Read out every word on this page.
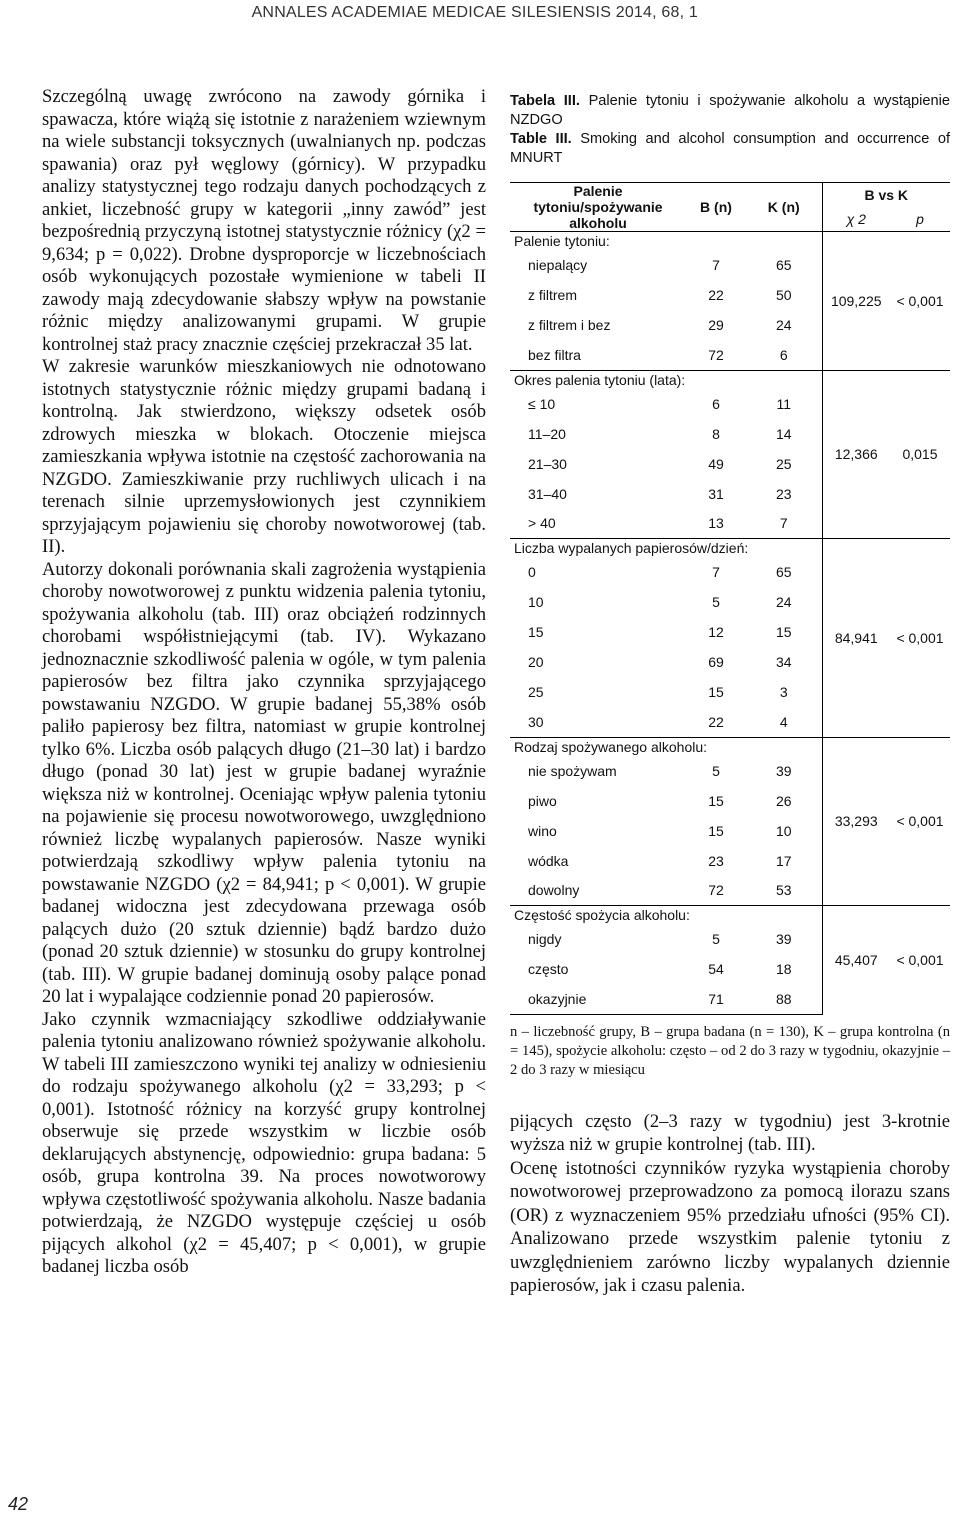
ANNALES ACADEMIAE MEDICAE SILESIENSIS 2014, 68, 1

Szczególną uwagę zwrócono na zawody górnika i spawacza, które wiążą się istotnie z narażeniem wziewnym na wiele substancji toksycznych (uwalnianych np. podczas spawania) oraz pył węglowy (górnicy). W przypadku analizy statystycznej tego rodzaju danych pochodzących z ankiet, liczebność grupy w kategorii „inny zawód” jest bezpośrednią przyczyną istotnej statystycznie różnicy (χ2 = 9,634; p = 0,022). Drobne dysproporcje w liczebnościach osób wykonujących pozostałe wymienione w tabeli II zawody mają zdecydowanie słabszy wpływ na powstanie różnic między analizowanymi grupami. W grupie kontrolnej staż pracy znacznie częściej przekraczał 35 lat.

W zakresie warunków mieszkaniowych nie odnotowano istotnych statystycznie różnic między grupami badaną i kontrolną. Jak stwierdzono, większy odsetek osób zdrowych mieszka w blokach. Otoczenie miejsca zamieszkania wpływa istotnie na częstość zachorowania na NZGDO. Zamieszkiwanie przy ruchliwych ulicach i na terenach silnie uprzemysłowionych jest czynnikiem sprzyjającym pojawieniu się choroby nowotworowej (tab. II).

Autorzy dokonali porównania skali zagrożenia wystąpienia choroby nowotworowej z punktu widzenia palenia tytoniu, spożywania alkoholu (tab. III) oraz obciążeń rodzinnych chorobami współistniejącymi (tab. IV). Wykazano jednoznacznie szkodliwość palenia w ogóle, w tym palenia papierosów bez filtra jako czynnika sprzyjającego powstawaniu NZGDO. W grupie badanej 55,38% osób paliło papierosy bez filtra, natomiast w grupie kontrolnej tylko 6%. Liczba osób palących długo (21–30 lat) i bardzo długo (ponad 30 lat) jest w grupie badanej wyraźnie większa niż w kontrolnej. Oceniając wpływ palenia tytoniu na pojawienie się procesu nowotworowego, uwzględniono również liczbę wypalanych papierosów. Nasze wyniki potwierdzają szkodliwy wpływ palenia tytoniu na powstawanie NZGDO (χ2 = 84,941; p < 0,001). W grupie badanej widoczna jest zdecydowana przewaga osób palących dużo (20 sztuk dziennie) bądź bardzo dużo (ponad 20 sztuk dziennie) w stosunku do grupy kontrolnej (tab. III). W grupie badanej dominują osoby palące ponad 20 lat i wypalające codziennie ponad 20 papierosów.

Jako czynnik wzmacniający szkodliwe oddziaływanie palenia tytoniu analizowano również spożywanie alkoholu. W tabeli III zamieszczono wyniki tej analizy w odniesieniu do rodzaju spożywanego alkoholu (χ2 = 33,293; p < 0,001). Istotność różnicy na korzyść grupy kontrolnej obserwuje się przede wszystkim w liczbie osób deklarujących abstynencję, odpowiednio: grupa badana: 5 osób, grupa kontrolna 39. Na proces nowotworowy wpływa częstotliwość spożywania alkoholu. Nasze badania potwierdzają, że NZGDO występuje częściej u osób pijących alkohol (χ2 = 45,407; p < 0,001), w grupie badanej liczba osób

Tabela III. Palenie tytoniu i spożywanie alkoholu a wystąpienie NZDGO
Table III. Smoking and alcohol consumption and occurrence of MNURT
Palenie tytoniu/spożywanie alkoholu	B (n)	K (n)	B vs K	
			χ 2	p
Palenie tytoniu:			109,225	< 0,001
niepalący	7	65		
z filtrem	22	50		
z filtrem i bez	29	24		
bez filtra	72	6		
Okres palenia tytoniu (lata):			12,366	0,015
≤ 10	6	11		
11–20	8	14		
21–30	49	25		
31–40	31	23		
> 40	13	7		
Liczba wypalanych papierosów/dzień:			84,941	< 0,001
0	7	65		
10	5	24		
15	12	15		
20	69	34		
25	15	3		
30	22	4		
Rodzaj spożywanego alkoholu:			33,293	< 0,001
nie spożywam	5	39		
piwo	15	26		
wino	15	10		
wódka	23	17		
dowolny	72	53		
Częstość spożycia alkoholu:			45,407	< 0,001
nigdy	5	39		
często	54	18		
okazyjnie	71	88		
n – liczebność grupy, B – grupa badana (n = 130), K – grupa kontrolna (n = 145), spożycie alkoholu: często – od 2 do 3 razy w tygodniu, okazyjnie – 2 do 3 razy w miesiącu

pijących często (2–3 razy w tygodniu) jest 3-krotnie wyższa niż w grupie kontrolnej (tab. III).

Ocenę istotności czynników ryzyka wystąpienia choroby nowotworowej przeprowadzono za pomocą ilorazu szans (OR) z wyznaczeniem 95% przedziału ufności (95% CI). Analizowano przede wszystkim palenie tytoniu z uwzględnieniem zarówno liczby wypalanych dziennie papierosów, jak i czasu palenia.

42
